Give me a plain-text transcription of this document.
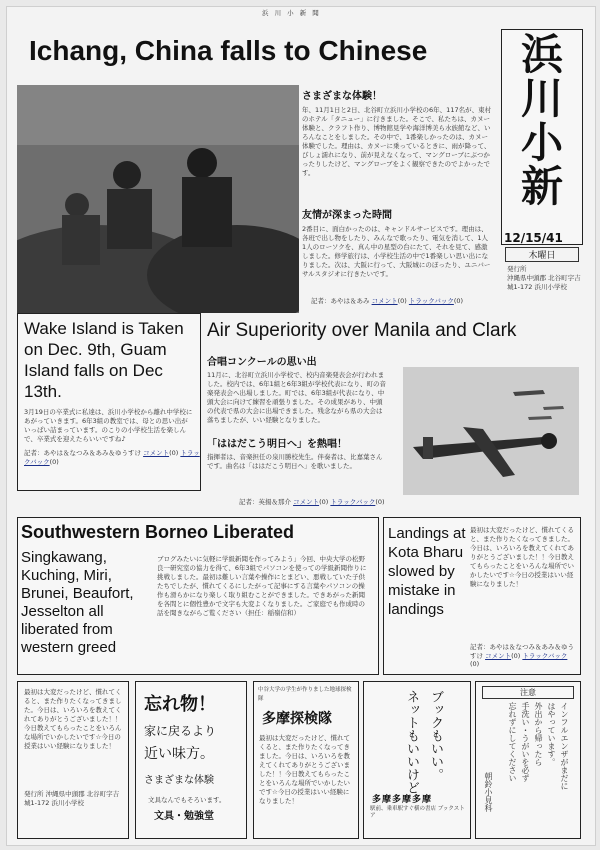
浜 川 小 新 聞
Ichang, China falls to Chinese
さまざまな体験！
年、11月1日と2日、北谷町立浜川小学校の6年、117名が、東村のホテル「タニュー」に行きました。そこで、私たちは、カヌー体験と、クラフト作り、博物館見学や海洋博美ら水族館など、いろんなことをしました。その中で、1番楽しかったのは、カヌー体験でした。理由は、カヌーに乗っているときに、雨が降って、びしょ濡れになり、前が見えなくなって、マングローブにぶつかったりしたけど、マングローブをよく観察できたのでよかったです。
友情が深まった時間
2番目に、面白かったのは、キャンドルサービスです。理由は、各班で出し物をしたり、みんなで歌ったり、電気を消して、1人1人のローソクを、真ん中の星型の台にたて、それを見て、感激しました。修学旅行は、小学校生活の中で1番楽しい思い出になりました。次は、大阪に行って、大阪城にのぼったり、ユニバーサルスタジオに行きたいです。
記者：あやは＆あみ コメント(0) トラックバック(0)
浜
川
小
新
12/15/41
木曜日
発行所
沖縄県中頭郡 北谷町字吉
城1-172 浜川小学校
Wake Island is Taken on Dec. 9th, Guam Island falls on Dec 13th.
3月19日の卒業式に私達は、浜川小学校から離れ中学校にあがっていきます。6年3組の教室では、母との思い出がいっぱい詰まっています。のこりの小学校生活を楽しんで、卒業式を迎えたらいいですね♪
記者：あやは＆なつみ＆あみ＆ゆうすけ コメント(0) トラックバック(0)
Air Superiority over Manila and Clark
合唱コンクールの思い出
11月に、北谷町立浜川小学校で、校内音楽発表会が行われました。校内では、6年1組と6年3組が学校代表になり、町の音楽発表会へ出場しました。町では、6年3組が代表になり、中頭大会に向けて練習を頑張りました。その成果があり、中頭の代表で県の大会に出場できました。残念ながら県の大会は落ちましたが、いい経験となりました。
「ははだこう明日へ」を熱唱！
指揮者は、音楽担任の泉川勝校先生。伴奏者は、比嘉葉さんです。曲名は「ははだこう明日へ」を歌いました。
記者：英揚＆那介 コメント(0) トラックバック(0)
Southwestern Borneo Liberated
Singkawang, Kuching, Miri, Brunei, Beaufort, Jesselton all liberated from western greed
ブログみたいに気軽に学級新聞を作ってみよう」今回、中央大学の松野良一研究室の協力を得て、6年3組でパソコンを使っての学級新聞作りに挑戦しました。最初は難しい言葉や操作にとまどい、悪戦していた子供たちでしたが、慣れてくるにしたがって記事にする言葉やパソコンの操作も滑らかになり楽しく取り組むことができました。できあがった新聞を各間とに個性豊かで文字も大変よくなりました。ご家庭でも作成時の話を聞きながらご覧ください（担任：稲嶺信和）
Landings at Kota Bharu slowed by mistake in landings
最初は大変だったけど、慣れてくると、また作りたくなってきました。今日は、いろいろを教えてくれてありがとうございました！！今日教えてもらったことをいろんな場所でいかしたいです☆今日の授業はいい経験になりました！
記者：あやは＆なつみ＆あみ＆ゆうすけ コメント(0) トラックバック(0)
最初は大変だったけど、慣れてくると、また作りたくなってきました。今日は、いろいろを教えてくれてありがとうございました！！今日教えてもらったことをいろんな場所でいかしたいです☆今日の授業はいい経験になりました！
発行所 沖縄県中頭郡 北谷町字吉城1-172 浜川小学校
忘れ物！
家に戻るより
近い味方。
さまざまな体験
文具なんでもそろいます。
文具・勉強堂
中谷大学の学生が作りました地球探検隊
多摩探検隊
最初は大変だったけど、慣れてくると、また作りたくなってきました。今日は、いろいろを教えてくれてありがとうございました！！今日教えてもらったことをいろんな場所でいかしたいです☆今日の授業はいい経験になりました！
ブックもいい。
ネットもいいけど
多摩多摩多摩
駅前、乗車駅すぐ横の書店 ブックストア
注意
インフルエンザがまだに
はやっています。
外出から帰ったら
手洗い・うがいを必ず
忘れずにしてください
朝鈴小見科
